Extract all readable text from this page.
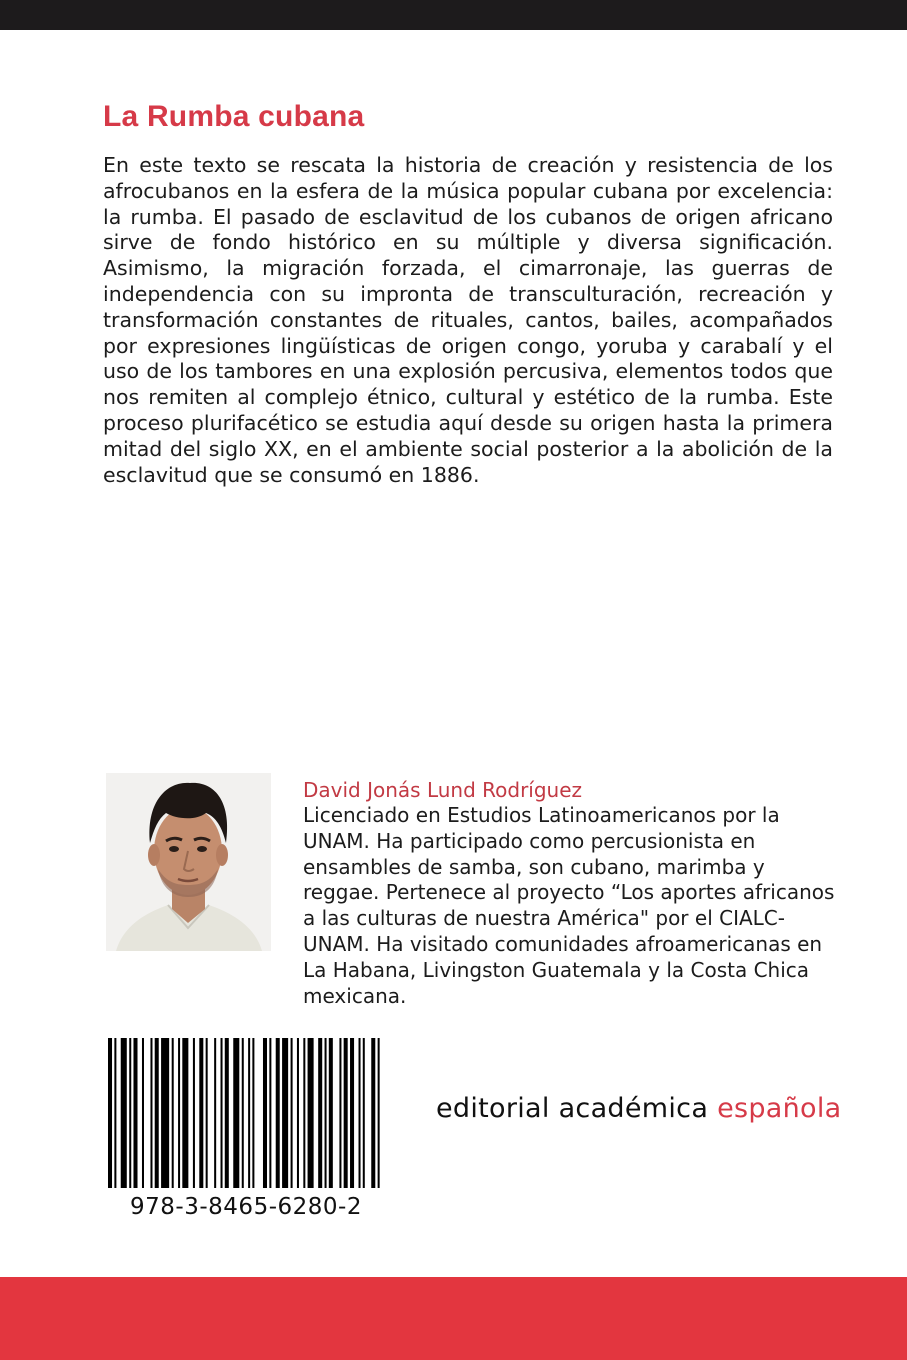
La Rumba cubana

En este texto se rescata la historia de creación y resistencia de los afrocubanos en la esfera de la música popular cubana por excelencia: la rumba. El pasado de esclavitud de los cubanos de origen africano sirve de fondo histórico en su múltiple y diversa significación. Asimismo, la migración forzada, el cimarronaje, las guerras de independencia con su impronta de transculturación, recreación y transformación constantes de rituales, cantos, bailes, acompañados por expresiones lingüísticas de origen congo, yoruba y carabalí y el uso de los tambores en una explosión percusiva, elementos todos que nos remiten al complejo étnico, cultural y estético de la rumba. Este proceso plurifacético se estudia aquí desde su origen hasta la primera mitad del siglo XX, en el ambiente social posterior a la abolición de la esclavitud que se consumó en 1886.

David Jonás Lund Rodríguez

Licenciado en Estudios Latinoamericanos por la UNAM. Ha participado como percusionista en ensambles de samba, son cubano, marimba y reggae. Pertenece al proyecto “Los aportes africanos a las culturas de nuestra América" por el CIALC- UNAM. Ha visitado comunidades afroamericanas en La Habana, Livingston Guatemala y la Costa Chica mexicana.

978-3-8465-6280-2
editorial académica española
